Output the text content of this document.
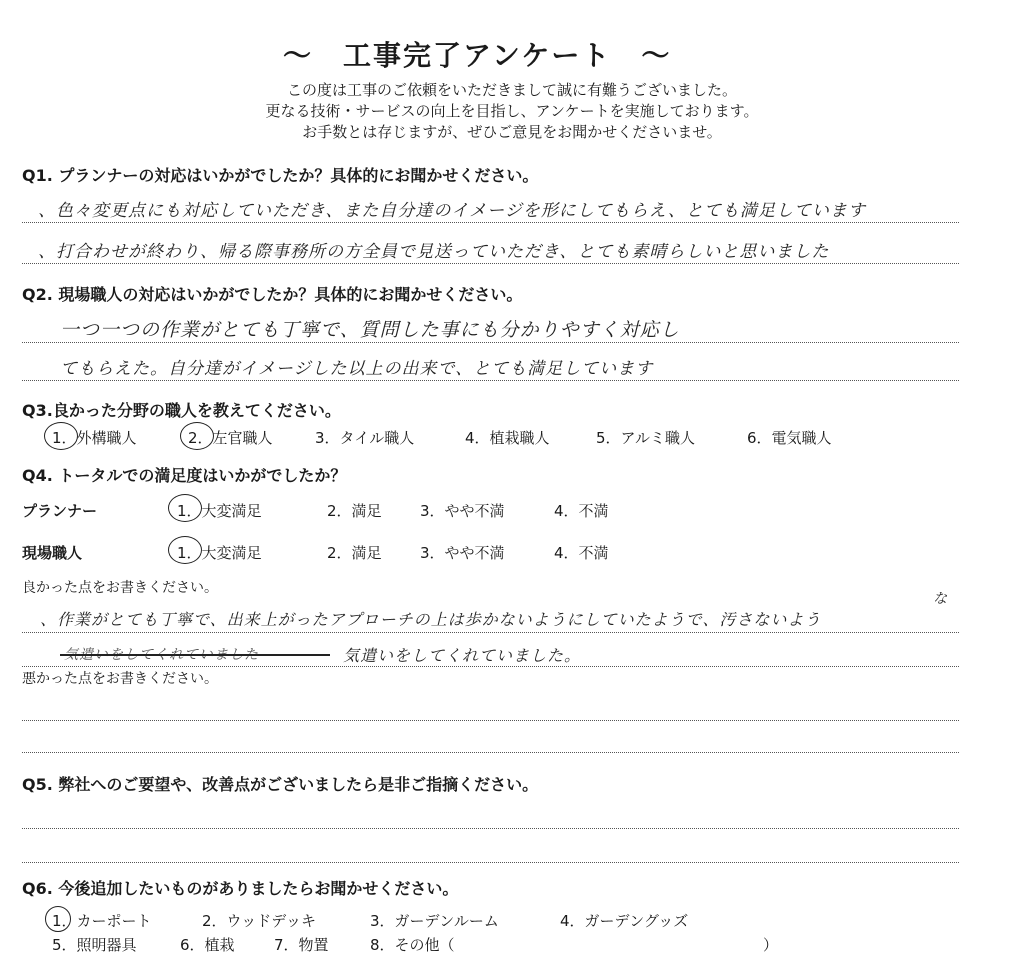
～　工事完了アンケート　～
この度は工事のご依頼をいただきまして誠に有難うございました。
更なる技術・サービスの向上を目指し、アンケートを実施しております。
お手数とは存じますが、ぜひご意見をお聞かせくださいませ。
Q1. プランナーの対応はいかがでしたか？具体的にお聞かせください。
、色々変更点にも対応していただき、また自分達のイメージを形にしてもらえ、とても満足しています
、打合わせが終わり、帰る際事務所の方全員で見送っていただき、とても素晴らしいと思いました
Q2. 現場職人の対応はいかがでしたか？具体的にお聞かせください。
一つ一つの作業がとても丁寧で、質問した事にも分かりやすく対応し
てもらえた。自分達がイメージした以上の出来で、とても満足しています
Q3.良かった分野の職人を教えてください。
1．外構職人	2．左官職人	3．タイル職人	4．植栽職人	5．アルミ職人	6．電気職人
Q4. トータルでの満足度はいかがでしたか？
プランナー	1．大変満足	2．満足	3．やや不満	4．不満
現場職人	1．大変満足	2．満足	3．やや不満	4．不満
良かった点をお書きください。
、作業がとても丁寧で、出来上がったアプローチの上は歩かないようにしていたようで、汚さないよう
な
気遣いをしてくれていました	気遣いをしてくれていました。
悪かった点をお書きください。
Q5. 弊社へのご要望や、改善点がございましたら是非ご指摘ください。
Q6. 今後追加したいものがありましたらお聞かせください。
1．カーポート	2．ウッドデッキ	3．ガーデンルーム	4．ガーデングッズ
5．照明器具	6．植栽	7．物置	8．その他（	）
